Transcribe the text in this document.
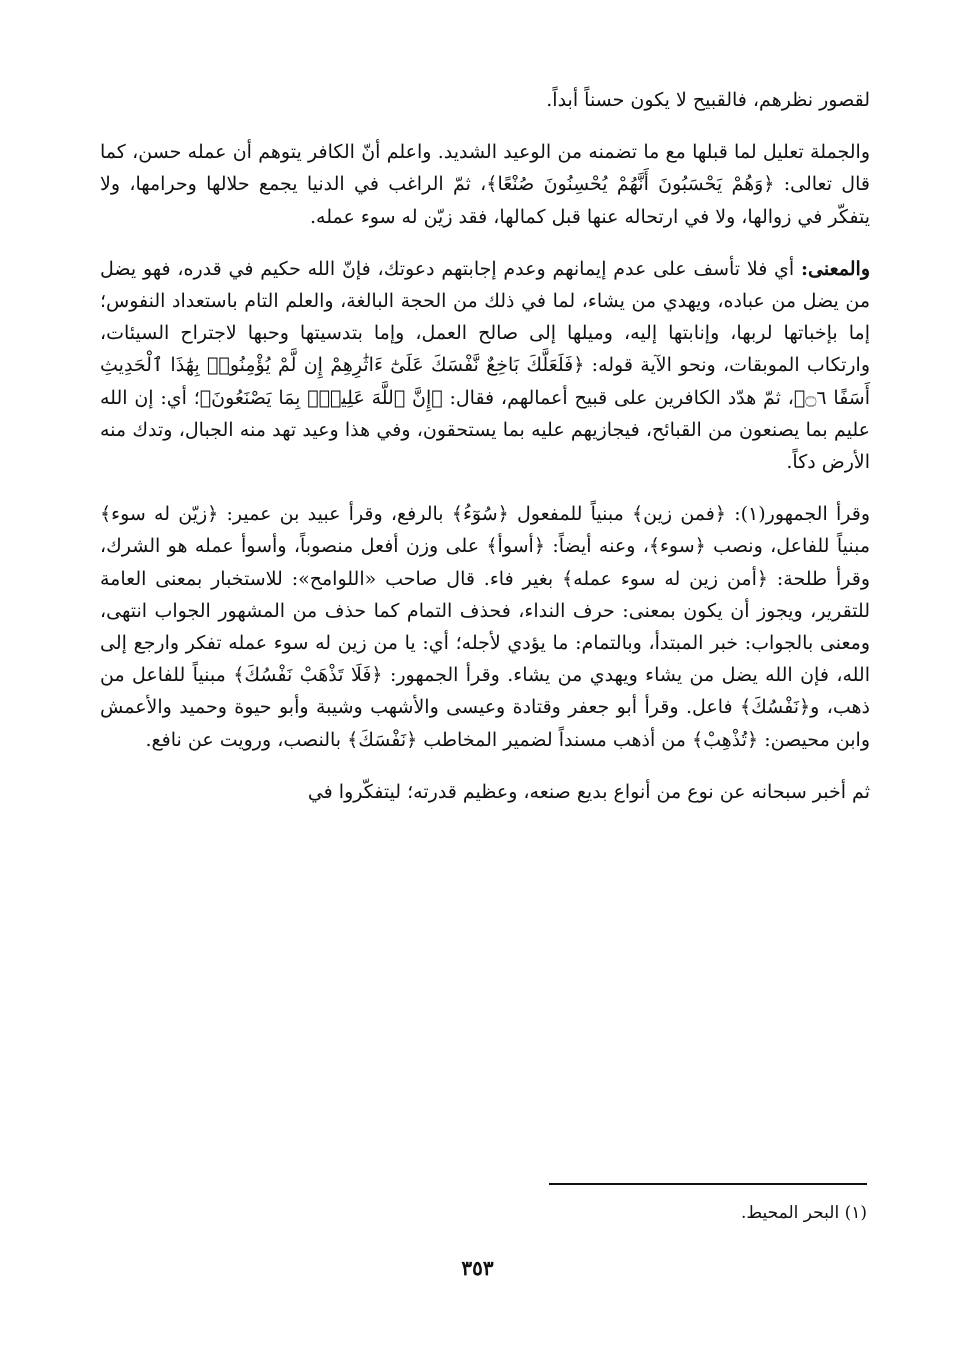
لقصور نظرهم، فالقبيح لا يكون حسناً أبداً.

والجملة تعليل لما قبلها مع ما تضمنه من الوعيد الشديد. واعلم أنّ الكافر يتوهم أن عمله حسن، كما قال تعالى: ﴿وَهُمْ يَحْسَبُونَ أَنَّهُمْ يُحْسِنُونَ صُنْعًا﴾، ثمّ الراغب في الدنيا يجمع حلالها وحرامها، ولا يتفكّر في زوالها، ولا في ارتحاله عنها قبل كمالها، فقد زيّن له سوء عمله.

والمعنى: أي فلا تأسف على عدم إيمانهم وعدم إجابتهم دعوتك، فإنّ الله حكيم في قدره، فهو يضل من يضل من عباده، ويهدي من يشاء، لما في ذلك من الحجة البالغة، والعلم التام باستعداد النفوس؛ إما بإخباتها لربها، وإنابتها إليه، وميلها إلى صالح العمل، وإما بتدسيتها وحبها لاجتراح السيئات، وارتكاب الموبقات، ونحو الآية قوله: ﴿فَلَعَلَّكَ بَاخِعٌ نَّفْسَكَ عَلَىٰٓ ءَاثَٰرِهِمْ إِن لَّمْ يُؤْمِنُوا۟ بِهَٰذَا ٱلْحَدِيثِ أَسَفًا ۝٦﴾، ثمّ هدّد الكافرين على قبيح أعمالهم، فقال: ﴿إِنَّ ٱللَّهَ عَلِيمٌۢ بِمَا يَصْنَعُونَ﴾؛ أي: إن الله عليم بما يصنعون من القبائح، فيجازيهم عليه بما يستحقون، وفي هذا وعيد تهد منه الجبال، وتدك منه الأرض دكاً.

وقرأ الجمهور(١): ﴿فمن زين﴾ مبنياً للمفعول ﴿سُوٓءُ﴾ بالرفع، وقرأ عبيد بن عمير: ﴿زيّن له سوء﴾ مبنياً للفاعل، ونصب ﴿سوء﴾، وعنه أيضاً: ﴿أسوأ﴾ على وزن أفعل منصوباً، وأسوأ عمله هو الشرك، وقرأ طلحة: ﴿أمن زين له سوء عمله﴾ بغير فاء. قال صاحب «اللوامح»: للاستخبار بمعنى العامة للتقرير، ويجوز أن يكون بمعنى: حرف النداء، فحذف التمام كما حذف من المشهور الجواب انتهى، ومعنى بالجواب: خبر المبتدأ، وبالتمام: ما يؤدي لأجله؛ أي: يا من زين له سوء عمله تفكر وارجع إلى الله، فإن الله يضل من يشاء ويهدي من يشاء. وقرأ الجمهور: ﴿فَلَا تَذْهَبْ نَفْسُكَ﴾ مبنياً للفاعل من ذهب، و﴿نَفْسُكَ﴾ فاعل. وقرأ أبو جعفر وقتادة وعيسى والأشهب وشيبة وأبو حيوة وحميد والأعمش وابن محيصن: ﴿تُذْهِبْ﴾ من أذهب مسنداً لضمير المخاطب ﴿نَفْسَكَ﴾ بالنصب، ورويت عن نافع.

ثم أخبر سبحانه عن نوع من أنواع بديع صنعه، وعظيم قدرته؛ ليتفكّروا في

(١) البحر المحيط.
٣٥٣
